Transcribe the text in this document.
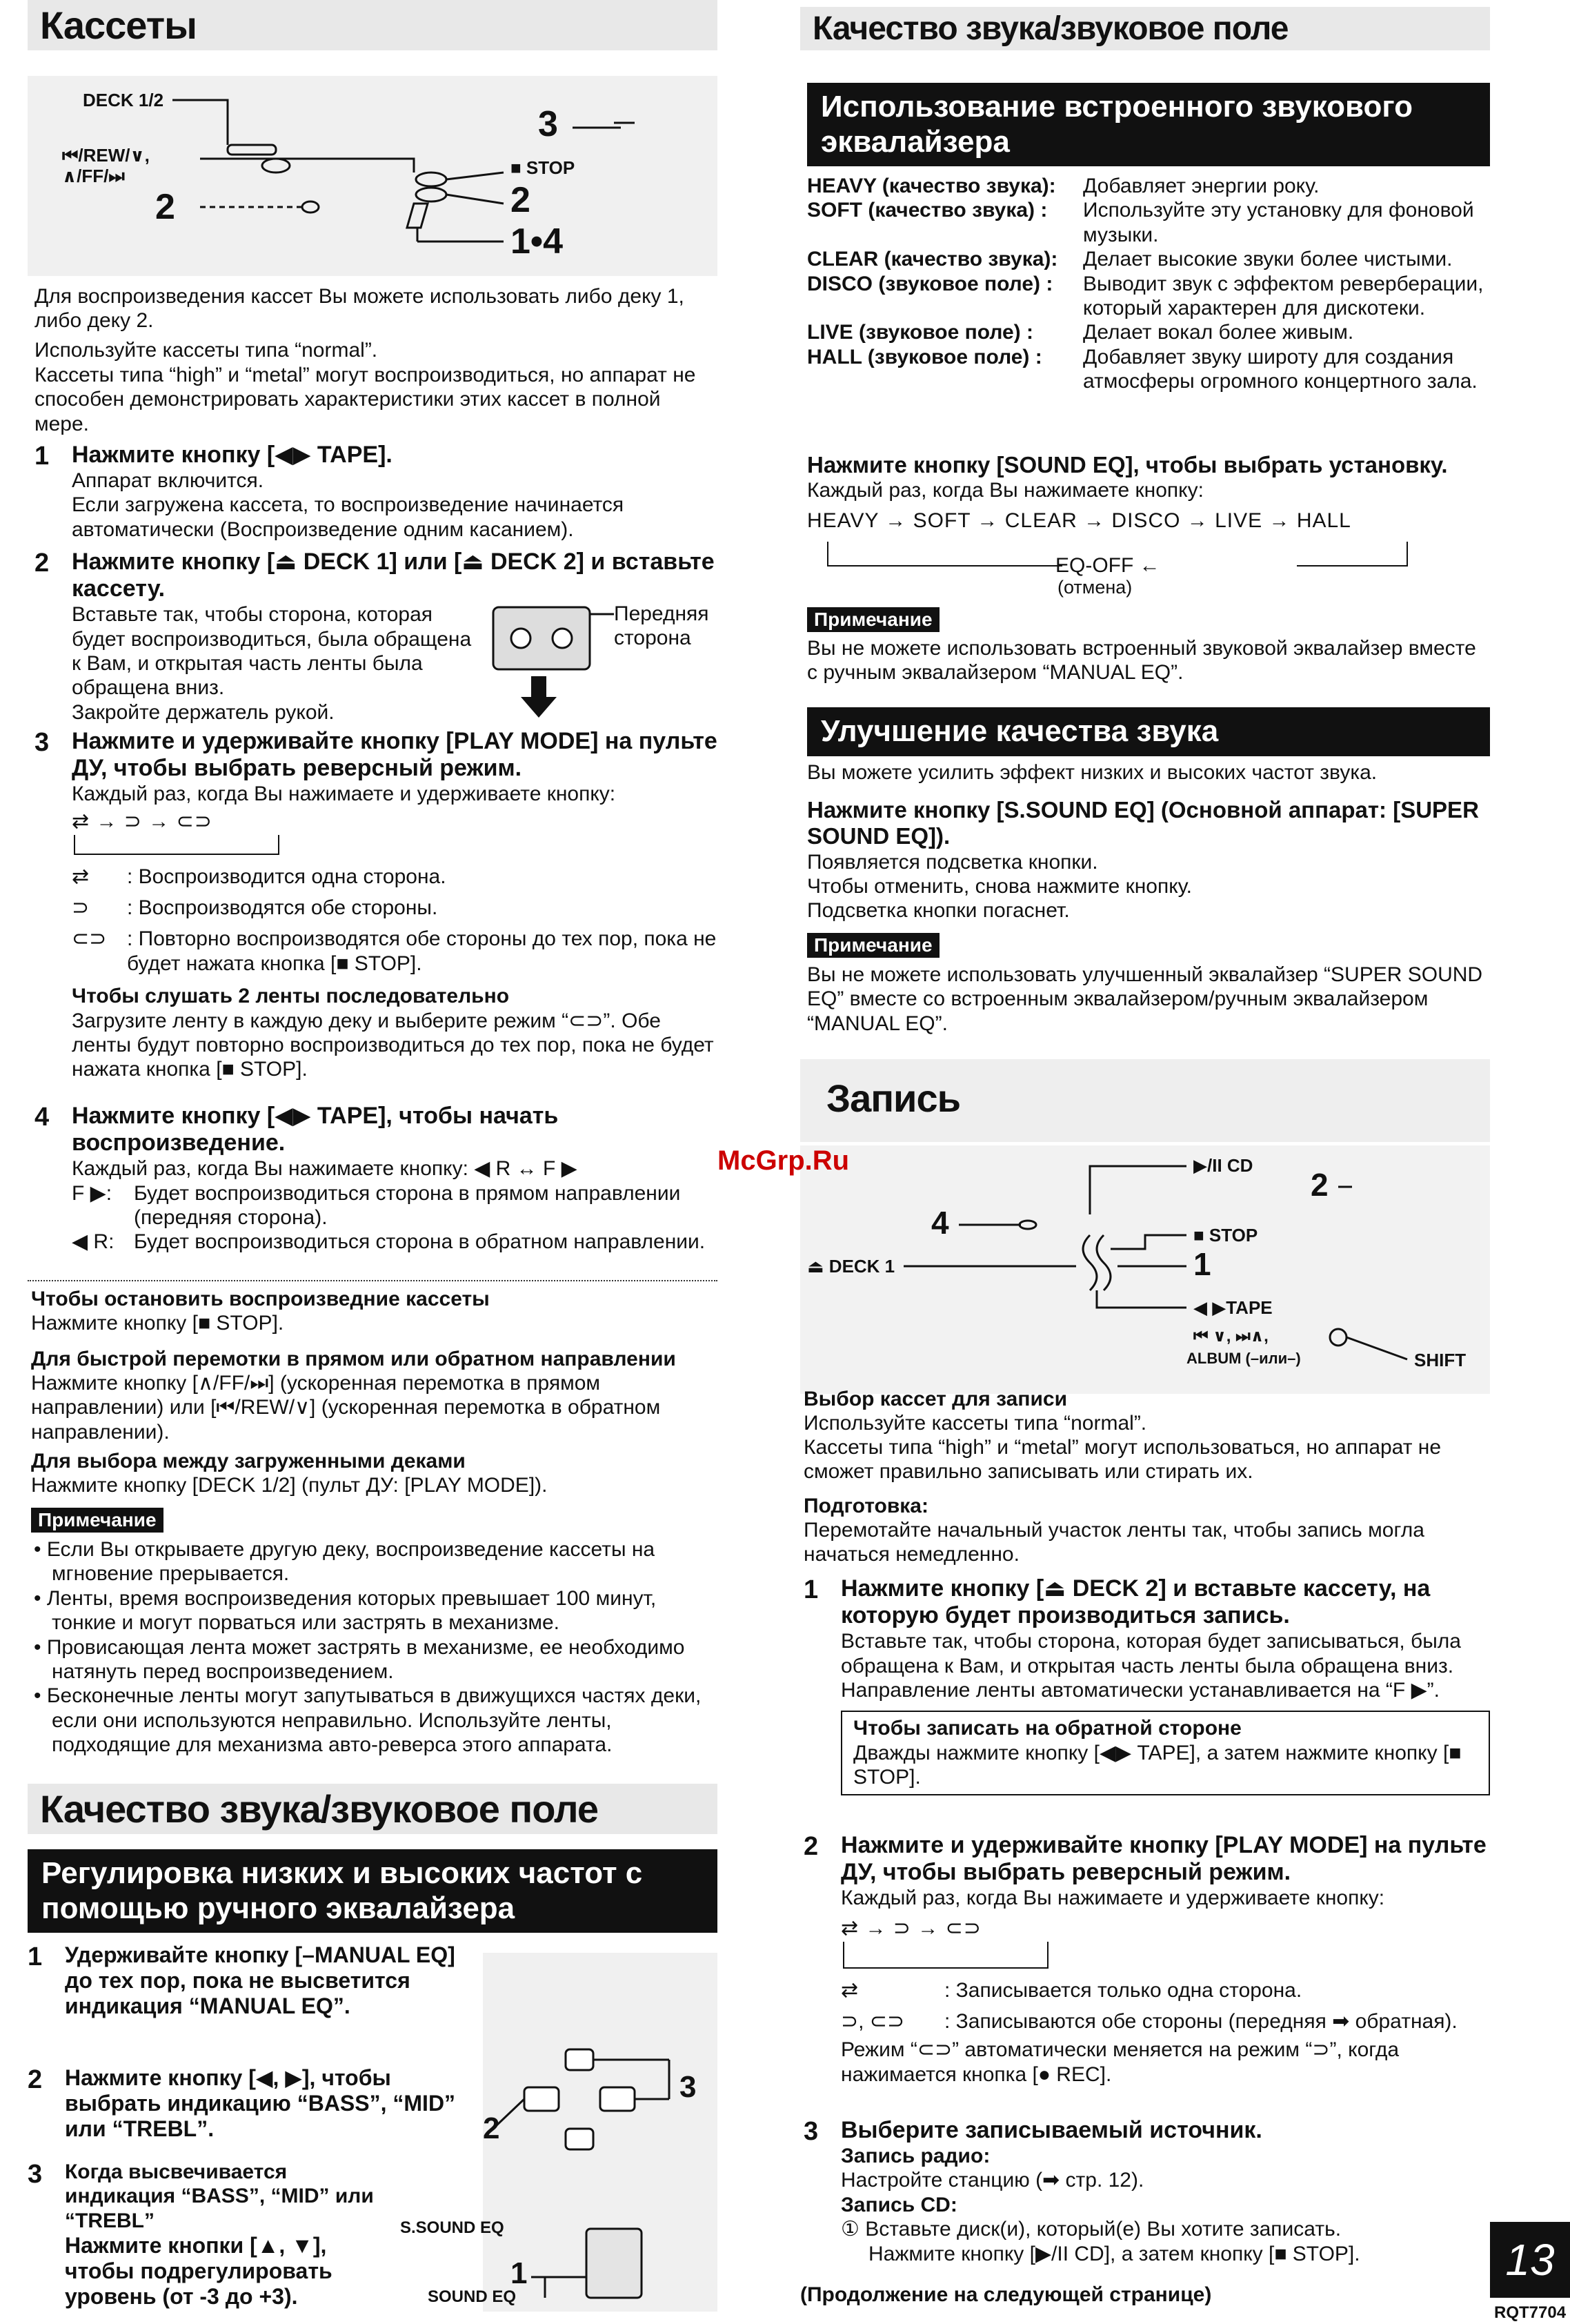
Кассеты
DECK 1/2
⏮/REW/∨,
∧/FF/⏭	■ STOP
3
2	2
1•4
Для воспроизведения кассет Вы можете использовать либо деку 1, либо деку 2.
Используйте кассеты типа “normal”.
Кассеты типа “high” и “metal” могут воспроизводиться, но аппарат не способен демонстрировать характеристики этих кассет в полной мере.
1 Нажмите кнопку [◀▶ TAPE].
Аппарат включится.
Если загружена кассета, то воспроизведение начинается автоматически (Воспроизведение одним касанием).
2 Нажмите кнопку [⏏ DECK 1] или [⏏ DECK 2] и вставьте кассету.
Вставьте так, чтобы сторона, которая будет воспроизводиться, была обращена к Вам, и открытая часть ленты была обращена вниз.
Закройте держатель рукой.
Передняя сторона
3 Нажмите и удерживайте кнопку [PLAY MODE] на пульте ДУ, чтобы выбрать реверсный режим.
Каждый раз, когда Вы нажимаете и удерживаете кнопку:
⇄ → ⊃ → ⊂⊃
⇄	: Воспроизводится одна сторона.
⊃	: Воспроизводятся обе стороны.
⊂⊃ : Повторно воспроизводятся обе стороны до тех пор, пока не будет нажата кнопка [■ STOP].
Чтобы слушать 2 ленты последовательно
Загрузите ленту в каждую деку и выберите режим “⊂⊃”. Обе ленты будут повторно воспроизводиться до тех пор, пока не будет нажата кнопка [■ STOP].
4 Нажмите кнопку [◀▶ TAPE], чтобы начать воспроизведение.
Каждый раз, когда Вы нажимаете кнопку: ◀ R ↔ F ▶
F ▶:	Будет воспроизводиться сторона в прямом направлении (передняя сторона).
◀ R: Будет воспроизводиться сторона в обратном направлении.
Чтобы остановить воспроизведние кассеты
Нажмите кнопку [■ STOP].
Для быстрой перемотки в прямом или обратном направлении
Нажмите кнопку [∧/FF/⏭] (ускоренная перемотка в прямом направлении) или [⏮/REW/∨] (ускоренная перемотка в обратном направлении).
Для выбора между загруженными деками
Нажмите кнопку [DECK 1/2] (пульт ДУ: [PLAY MODE]).
Примечание
• Если Вы открываете другую деку, воспроизведение кассеты на мгновение прерывается.
• Ленты, время воспроизведения которых превышает 100 минут, тонкие и могут порваться или застрять в механизме.
• Провисающая лента может застрять в механизме, ее необходимо натянуть перед воспроизведением.
• Бесконечные ленты могут запутываться в движущихся частях деки, если они используются неправильно. Используйте ленты, подходящие для механизма авто-реверса этого аппарата.
Качество звука/звуковое поле
Регулировка низких и высоких частот с помощью ручного эквалайзера
1	Удерживайте кнопку [–MANUAL EQ] до тех пор, пока не высветится индикация “MANUAL EQ”.
2	Нажмите кнопку [◀, ▶], чтобы выбрать индикацию “BASS”, “MID” или “TREBL”.
3	Когда высвечивается индикация “BASS”, “MID” или “TREBL”
Нажмите кнопки [▲, ▼], чтобы подрегулировать уровень (от -3 до +3).
3
2
1
S.SOUND EQ
SOUND EQ
Качество звука/звуковое поле
Использование встроенного звукового эквалайзера
HEAVY (качество звука):	Добавляет энергии року.
SOFT (качество звука) :	Используйте эту установку для фоновой музыки.
CLEAR (качество звука):	Делает высокие звуки более чистыми.
DISCO (звуковое поле) :	Выводит звук с эффектом реверберации, который характерен для дискотеки.
LIVE (звуковое поле) :	Делает вокал более живым.
HALL (звуковое поле) :	Добавляет звуку широту для создания атмосферы огромного концертного зала.
Нажмите кнопку [SOUND EQ], чтобы выбрать установку.
Каждый раз, когда Вы нажимаете кнопку:
HEAVY → SOFT → CLEAR → DISCO → LIVE → HALL
EQ-OFF ←
(отмена)
Примечание
Вы не можете использовать встроенный звуковой эквалайзер вместе с ручным эквалайзером “MANUAL EQ”.
Улучшение качества звука
Вы можете усилить эффект низких и высоких частот звука.
Нажмите кнопку [S.SOUND EQ] (Основной аппарат: [SUPER SOUND EQ]).
Появляется подсветка кнопки.
Чтобы отменить, снова нажмите кнопку.
Подсветка кнопки погаснет.
Примечание
Вы не можете использовать улучшенный эквалайзер “SUPER SOUND EQ” вместе со встроенным эквалайзером/ручным эквалайзером “MANUAL EQ”.
Запись
▶/II CD
■ STOP
⏏ DECK 1
◀ ▶TAPE
⏮ ∨, ⏭∧,
ALBUM (–или–)	SHIFT
1
2
4
Выбор кассет для записи
Используйте кассеты типа “normal”.
Кассеты типа “high” и “metal” могут использоваться, но аппарат не сможет правильно записывать или стирать их.
Подготовка:
Перемотайте начальный участок ленты так, чтобы запись могла начаться немедленно.
1 Нажмите кнопку [⏏ DECK 2] и вставьте кассету, на которую будет производиться запись.
Вставьте так, чтобы сторона, которая будет записываться, была обращена к Вам, и открытая часть ленты была обращена вниз.
Направление ленты автоматически устанавливается на “F ▶”.
Чтобы записать на обратной стороне
Дважды нажмите кнопку [◀▶ TAPE], а затем нажмите кнопку [■ STOP].
2 Нажмите и удерживайте кнопку [PLAY MODE] на пульте ДУ, чтобы выбрать реверсный режим.
Каждый раз, когда Вы нажимаете и удерживаете кнопку:
⇄ → ⊃ → ⊂⊃
⇄	: Записывается только одна сторона.
⊃, ⊂⊃	: Записываются обе стороны (передняя ➡ обратная).
Режим “⊂⊃” автоматически меняется на режим “⊃”, когда нажимается кнопка [● REC].
3 Выберите записываемый источник.
Запись радио:
Настройте станцию (➡ стр. 12).
Запись CD:
① Вставьте диск(и), который(е) Вы хотите записать.
Нажмите кнопку [▶/II CD], а затем кнопку [■ STOP].
(Продолжение на следующей странице)
McGrp.Ru
13
RQT7704
